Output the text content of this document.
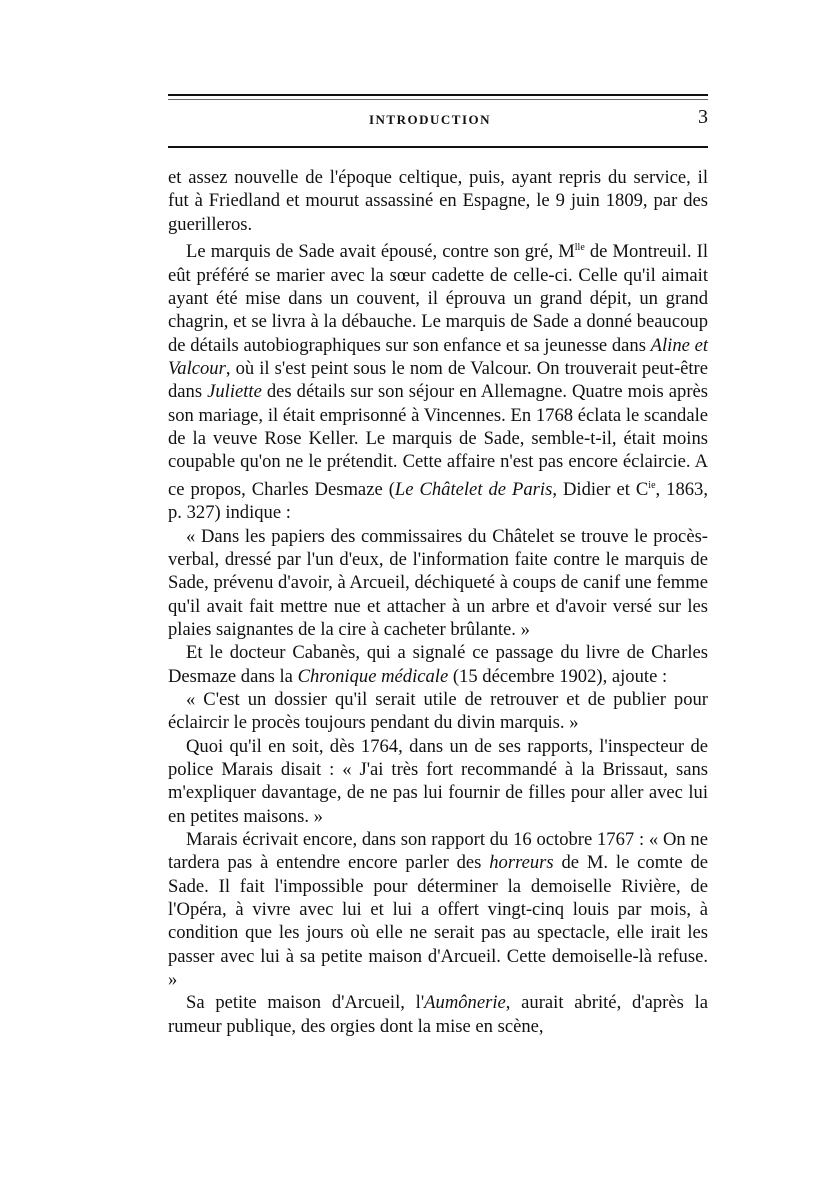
INTRODUCTION	3

et assez nouvelle de l'époque celtique, puis, ayant repris du service, il fut à Friedland et mourut assassiné en Espagne, le 9 juin 1809, par des guerilleros.

Le marquis de Sade avait épousé, contre son gré, $M^{lle}$ de Montreuil. Il eût préféré se marier avec la sœur cadette de celle-ci. Celle qu'il aimait ayant été mise dans un couvent, il éprouva un grand dépit, un grand chagrin, et se livra à la débauche. Le marquis de Sade a donné beaucoup de détails autobiographiques sur son enfance et sa jeunesse dans Aline et Valcour, où il s'est peint sous le nom de Valcour. On trouverait peut-être dans Juliette des détails sur son séjour en Allemagne. Quatre mois après son mariage, il était emprisonné à Vincennes. En 1768 éclata le scandale de la veuve Rose Keller. Le marquis de Sade, semble-t-il, était moins coupable qu'on ne le prétendit. Cette affaire n'est pas encore éclaircie. A ce propos, Charles Desmaze (Le Châtelet de Paris, Didier et $C^{ie}$, 1863, p. 327) indique :

« Dans les papiers des commissaires du Châtelet se trouve le procès-verbal, dressé par l'un d'eux, de l'information faite contre le marquis de Sade, prévenu d'avoir, à Arcueil, déchiqueté à coups de canif une femme qu'il avait fait mettre nue et attacher à un arbre et d'avoir versé sur les plaies saignantes de la cire à cacheter brûlante. »

Et le docteur Cabanès, qui a signalé ce passage du livre de Charles Desmaze dans la Chronique médicale (15 décembre 1902), ajoute :

« C'est un dossier qu'il serait utile de retrouver et de publier pour éclaircir le procès toujours pendant du divin marquis. »

Quoi qu'il en soit, dès 1764, dans un de ses rapports, l'inspecteur de police Marais disait : « J'ai très fort recommandé à la Brissaut, sans m'expliquer davantage, de ne pas lui fournir de filles pour aller avec lui en petites maisons. »

Marais écrivait encore, dans son rapport du 16 octobre 1767 : « On ne tardera pas à entendre encore parler des horreurs de M. le comte de Sade. Il fait l'impossible pour déterminer la demoiselle Rivière, de l'Opéra, à vivre avec lui et lui a offert vingt-cinq louis par mois, à condition que les jours où elle ne serait pas au spectacle, elle irait les passer avec lui à sa petite maison d'Arcueil. Cette demoiselle-là refuse. »

Sa petite maison d'Arcueil, l'Aumônerie, aurait abrité, d'après la rumeur publique, des orgies dont la mise en scène,
